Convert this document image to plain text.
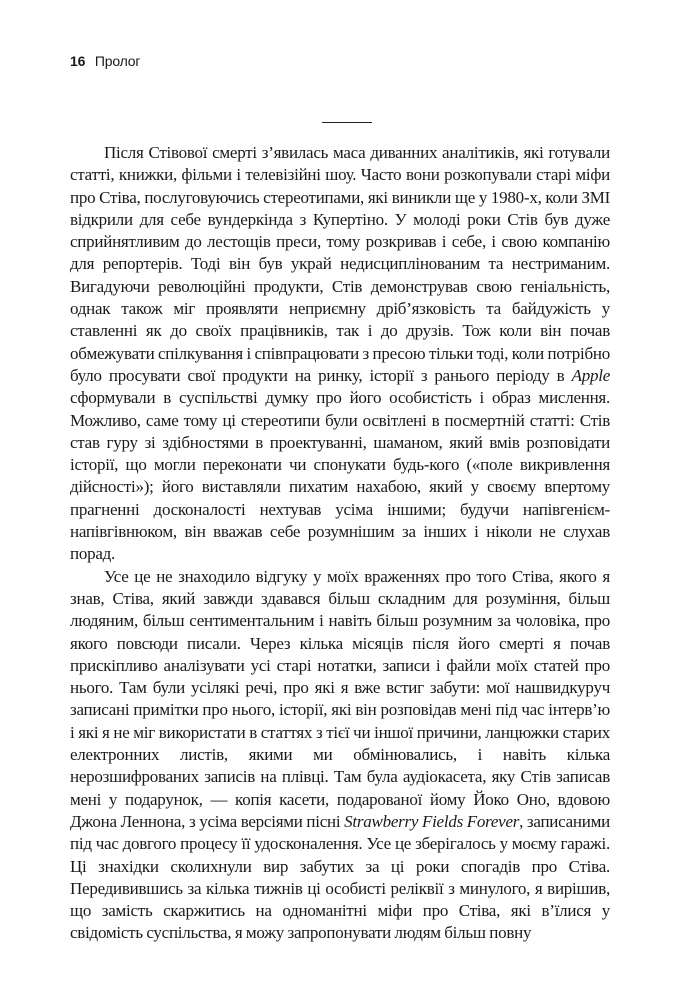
16 Пролог

Після Стівової смерті з’явилась маса диванних аналітиків, які готували статті, книжки, фільми і телевізійні шоу. Часто вони розкопували старі міфи про Стіва, послуговуючись стереотипами, які виникли ще у 1980-х, коли ЗМІ відкрили для себе вундеркінда з Купертіно. У молоді роки Стів був дуже сприйнятливим до лестощів преси, тому розкривав і себе, і свою компанію для репортерів. Тоді він був украй недисциплінованим та нестриманим. Вигадуючи революційні продукти, Стів демонстрував свою геніальність, однак також міг проявляти неприємну дріб’язковість та байдужість у ставленні як до своїх працівників, так і до друзів. Тож коли він почав обмежувати спілкування і співпрацювати з пресою тільки тоді, коли потрібно було просувати свої продукти на ринку, історії з ранього періоду в Apple сформували в суспільстві думку про його особистість і образ мислення. Можливо, саме тому ці стереотипи були освітлені в посмертній статті: Стів став гуру зі здібностями в проектуванні, шаманом, який вмів розповідати історії, що могли переконати чи спонукати будь-кого («поле викривлення дійсності»); його виставляли пихатим нахабою, який у своєму впертому прагненні досконалості нехтував усіма іншими; будучи напівгенієм-напівгівнюком, він вважав себе розумнішим за інших і ніколи не слухав порад.

Усе це не знаходило відгуку у моїх враженнях про того Стіва, якого я знав, Стіва, який завжди здавався більш складним для розуміння, більш людяним, більш сентиментальним і навіть більш розумним за чоловіка, про якого повсюди писали. Через кілька місяців після його смерті я почав прискіпливо аналізувати усі старі нотатки, записи і файли моїх статей про нього. Там були усілякі речі, про які я вже встиг забути: мої нашвидкуруч записані примітки про нього, історії, які він розповідав мені під час інтерв’ю і які я не міг використати в статтях з тієї чи іншої причини, ланцюжки старих електронних листів, якими ми обмінювались, і навіть кілька нерозшифрованих записів на плівці. Там була аудіокасета, яку Стів записав мені у подарунок, — копія касети, подарованої йому Йоко Оно, вдовою Джона Леннона, з усіма версіями пісні Strawberry Fields Forever, записаними під час довгого процесу її удосконалення. Усе це зберігалось у моєму гаражі. Ці знахідки сколихнули вир забутих за ці роки спогадів про Стіва. Передивившись за кілька тижнів ці особисті реліквії з минулого, я вирішив, що замість скаржитись на одноманітні міфи про Стіва, які в’їлися у свідомість суспільства, я можу запропонувати людям більш повну
